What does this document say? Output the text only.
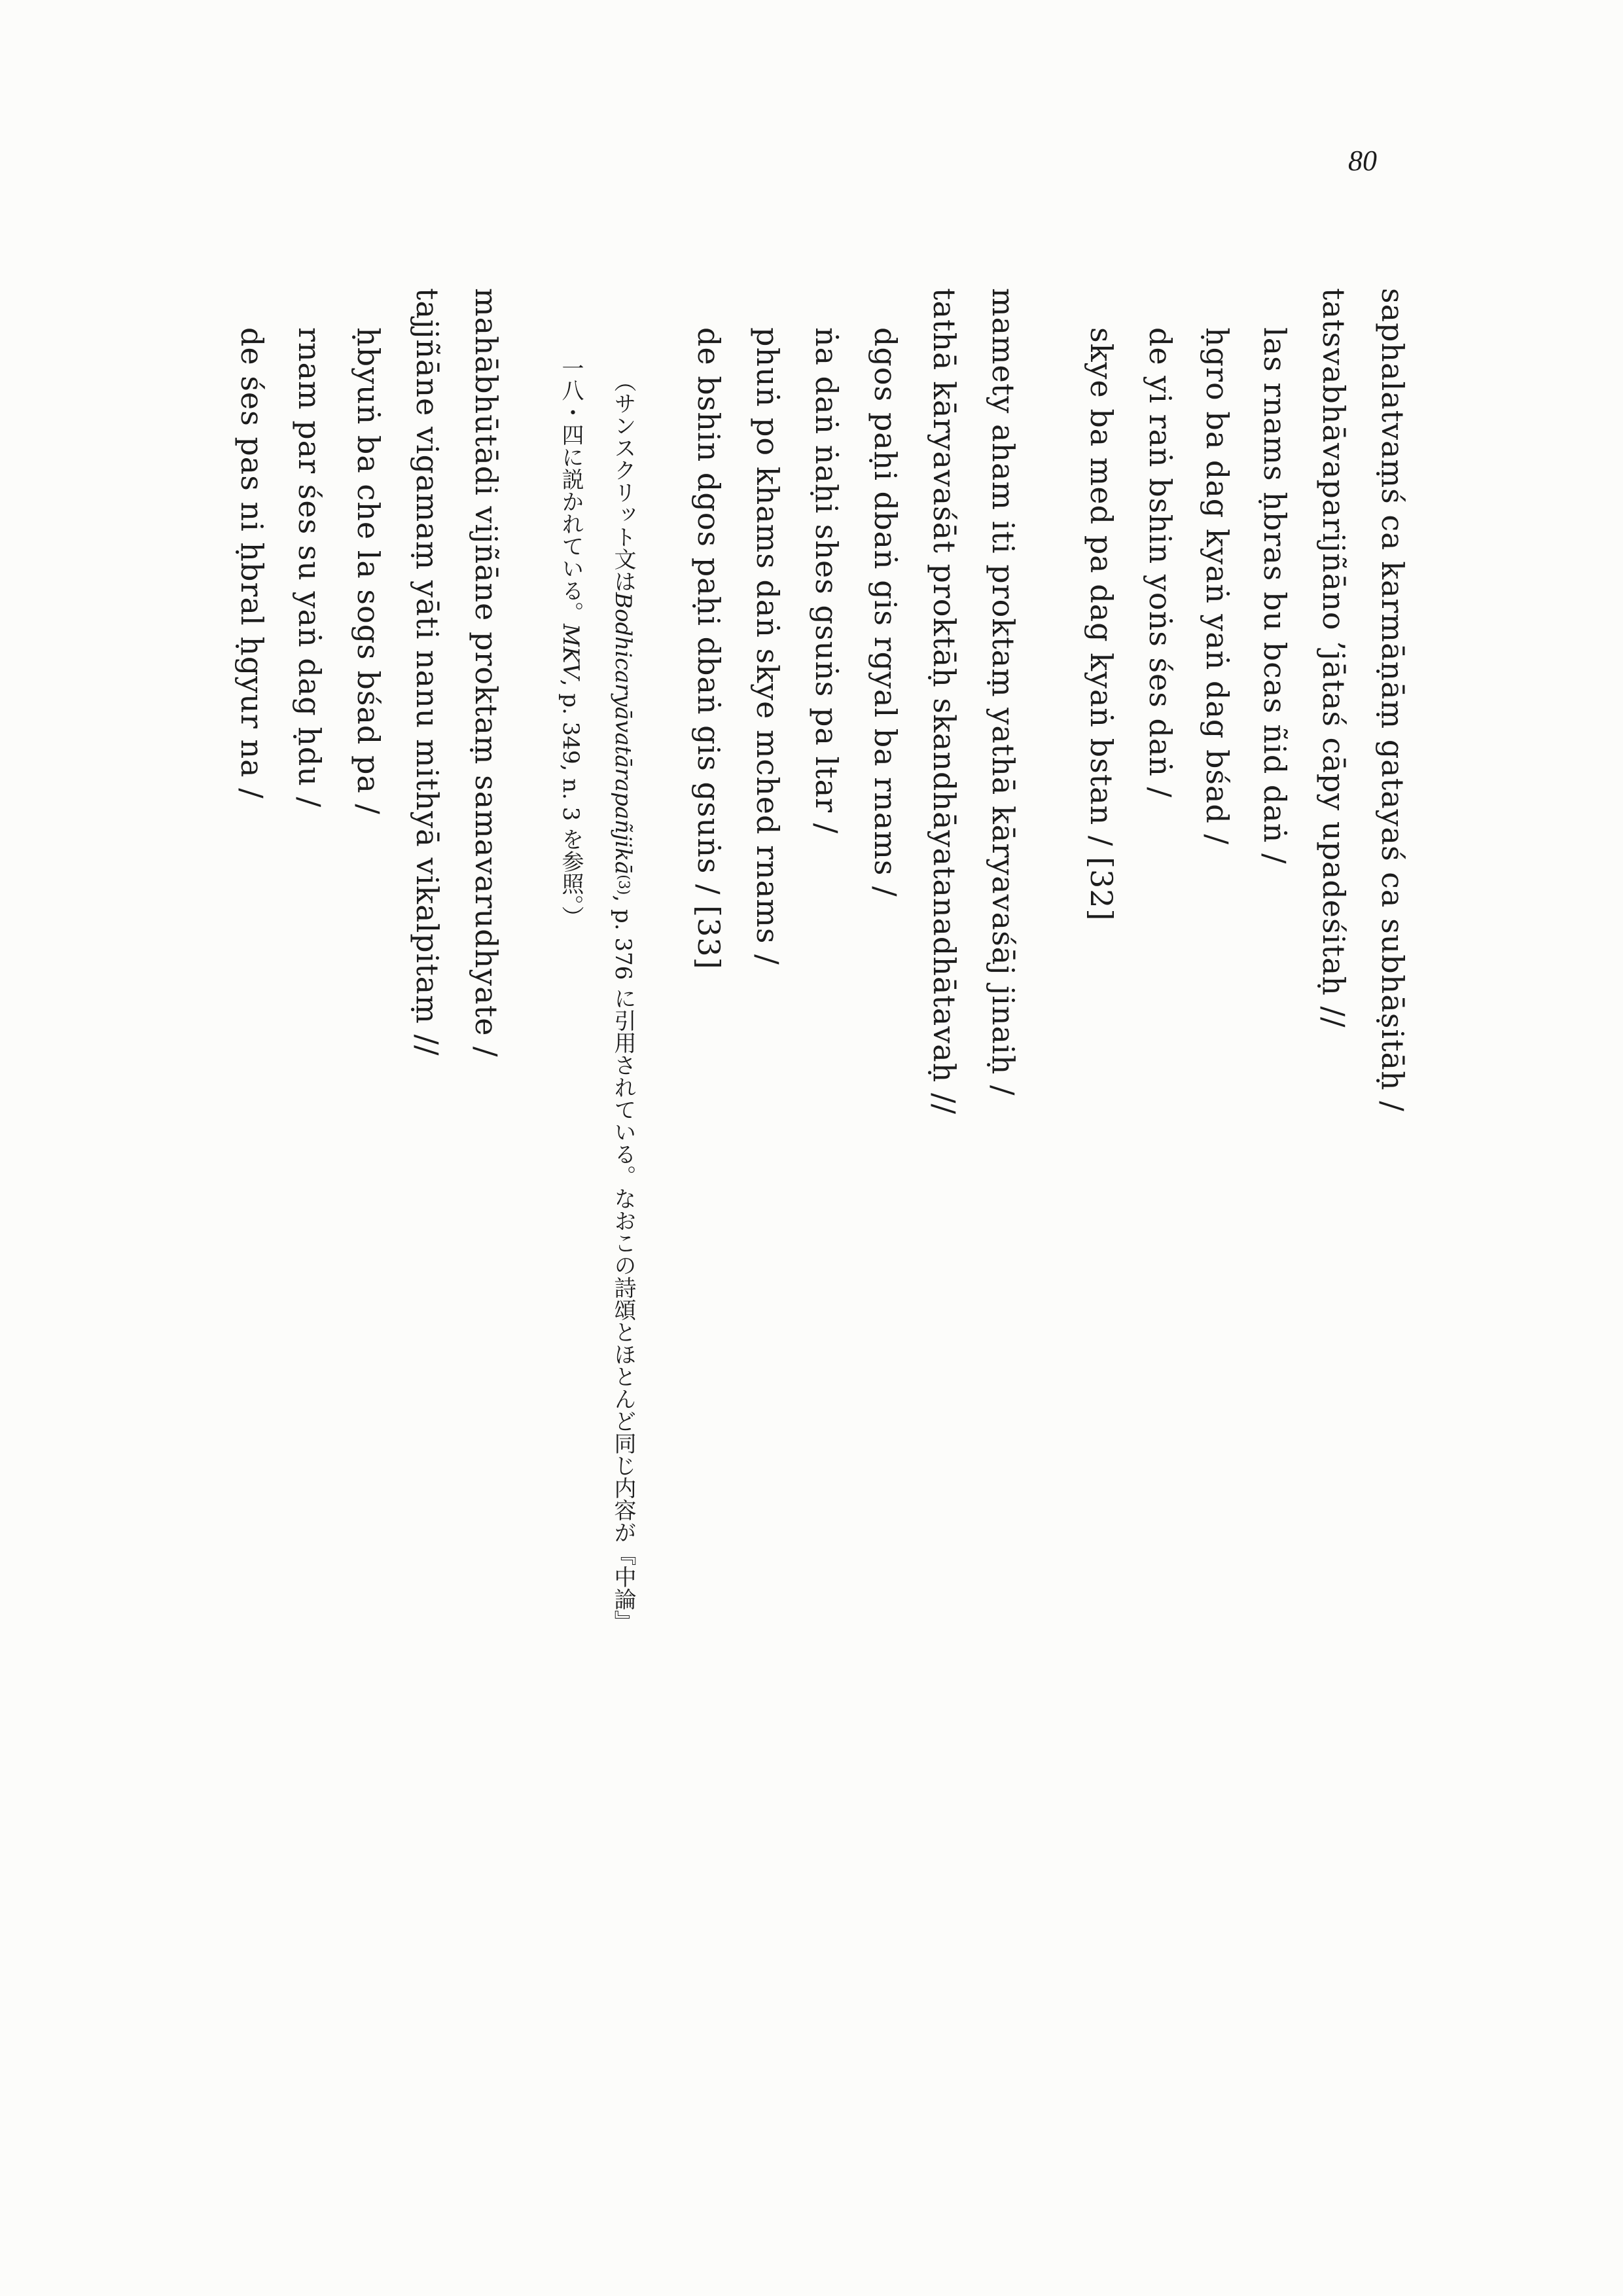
80
saphalatvaṃś ca karmāṇāṃ gatayaś ca subhāṣitāḥ /
tatsvabhāvaparijñāno ’jātaś cāpy upadeśitaḥ //
las rnams ḥbras bu bcas ñid daṅ /
ḥgro ba dag kyaṅ yaṅ dag bśad /
de yi raṅ bshin yoṅs śes daṅ /
skye ba med pa dag kyaṅ bstan / [32]
mamety aham iti proktaṃ yathā kāryavaśāj jinaiḥ /
tathā kāryavaśāt proktāḥ skandhāyatanadhātavaḥ //
dgos paḥi dbaṅ gis rgyal ba rnams /
ṅa daṅ ṅaḥi shes gsuṅs pa ltar /
phuṅ po khams daṅ skye mched rnams /
de bshin dgos paḥi dbaṅ gis gsuṅs / [33]
（サンスクリット文はBodhicaryāvatārapañjikā(3), p. 376 に引用されている。なおこの詩頌とほとんど同じ内容が『中論』
一八・四に説かれている。MKV, p. 349, n. 3 を参照。）
mahābhūtādi vijñāne proktaṃ samavarudhyate /
tajjñāne vigamaṃ yāti nanu mithyā vikalpitaṃ //
ḥbyuṅ ba che la sogs bśad pa /
rnam par śes su yaṅ dag ḥdu /
de śes pas ni ḥbral ḥgyur na /
